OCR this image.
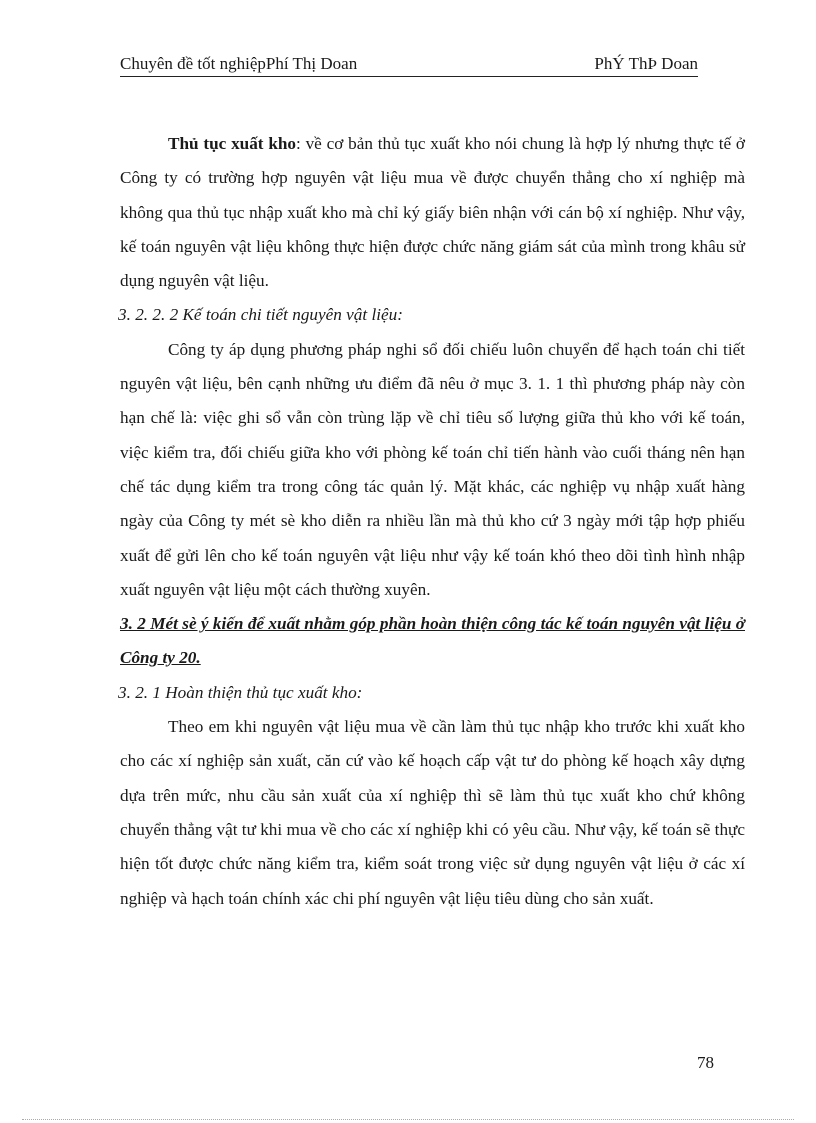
Chuyên đề tốt nghiệpPhí Thị Doan	PhÝ ThÞ Doan

Thủ tục xuất kho: về cơ bản thủ tục xuất kho nói chung là hợp lý nhưng thực tế ở Công ty có trường hợp nguyên vật liệu mua về được chuyển thẳng cho xí nghiệp mà không qua thủ tục nhập xuất kho mà chỉ ký giấy biên nhận với cán bộ xí nghiệp. Như vậy, kế toán nguyên vật liệu không thực hiện được chức năng giám sát của mình trong khâu sử dụng nguyên vật liệu.

3. 2. 2. 2 Kế toán chi tiết nguyên vật liệu:

Công ty áp dụng phương pháp nghi sổ đối chiếu luôn chuyển để hạch toán chi tiết nguyên vật liệu, bên cạnh những ưu điểm đã nêu ở mục 3. 1. 1 thì phương pháp này còn hạn chế là: việc ghi sổ vẫn còn trùng lặp về chỉ tiêu số lượng giữa thủ kho với kế toán, việc kiểm tra, đối chiếu giữa kho với phòng kế toán chỉ tiến hành vào cuối tháng nên hạn chế tác dụng kiểm tra trong công tác quản lý. Mặt khác, các nghiệp vụ nhập xuất hàng ngày của Công ty mét sè kho diễn ra nhiều lần mà thủ kho cứ 3 ngày mới tập hợp phiếu xuất để gửi lên cho kế toán nguyên vật liệu như vậy kế toán khó theo dõi tình hình nhập xuất nguyên vật liệu một cách thường xuyên.

3. 2 Mét sè ý kiến để xuất nhằm góp phần hoàn thiện công tác kế toán nguyên vật liệu ở Công ty 20.

3. 2. 1 Hoàn thiện thủ tục xuất kho:

Theo em khi nguyên vật liệu mua về cần làm thủ tục nhập kho trước khi xuất kho cho các xí nghiệp sản xuất, căn cứ vào kế hoạch cấp vật tư do phòng kế hoạch xây dựng dựa trên mức, nhu cầu sản xuất của xí nghiệp thì sẽ làm thủ tục xuất kho chứ không chuyển thẳng vật tư khi mua về cho các xí nghiệp khi có yêu cầu. Như vậy, kế toán sẽ thực hiện tốt được chức năng kiểm tra, kiểm soát trong việc sử dụng nguyên vật liệu ở các xí nghiệp và hạch toán chính xác chi phí nguyên vật liệu tiêu dùng cho sản xuất.

78
